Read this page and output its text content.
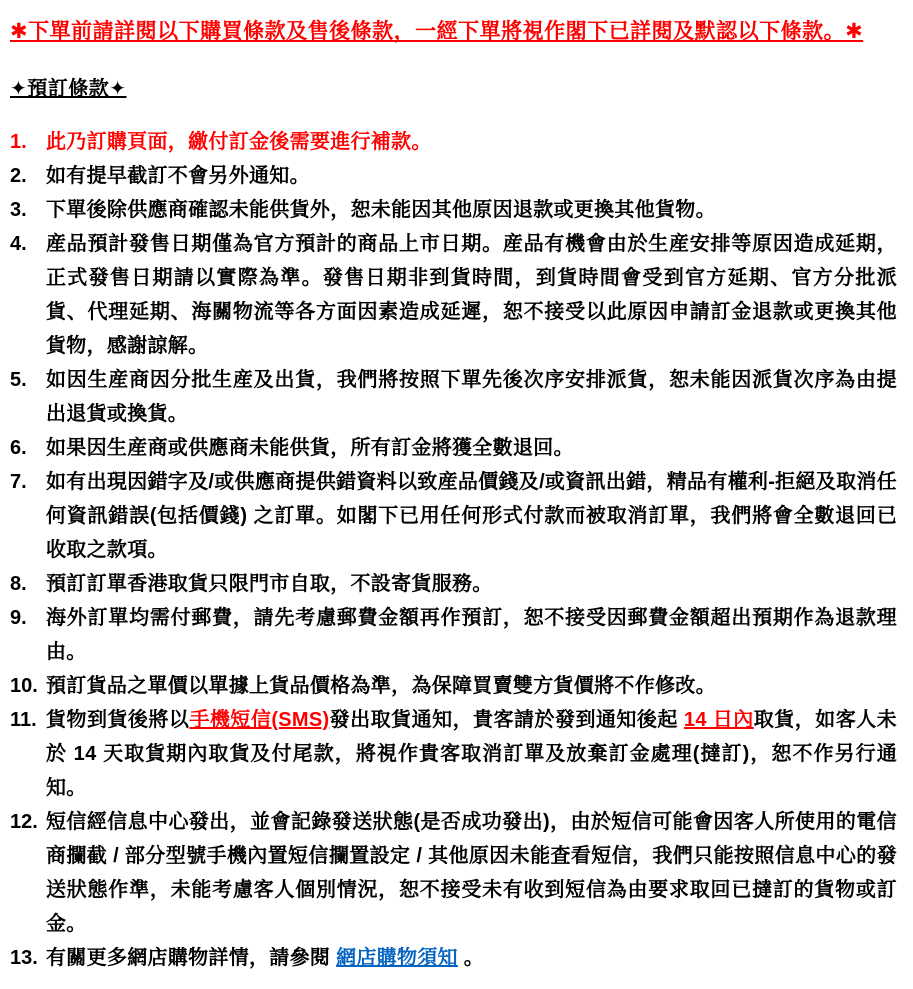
✱下單前請詳閱以下購買條款及售後條款，一經下單將視作閣下已詳閱及默認以下條款。✱

✦預訂條款✦

1. 此乃訂購頁面，繳付訂金後需要進行補款。
2. 如有提早截訂不會另外通知。
3. 下單後除供應商確認未能供貨外，恕未能因其他原因退款或更換其他貨物。
4. 産品預計發售日期僅為官方預計的商品上市日期。産品有機會由於生産安排等原因造成延期，正式發售日期請以實際為準。發售日期非到貨時間，到貨時間會受到官方延期、官方分批派貨、代理延期、海關物流等各方面因素造成延遲，恕不接受以此原因申請訂金退款或更換其他貨物，感謝諒解。
5. 如因生産商因分批生産及出貨，我們將按照下單先後次序安排派貨，恕未能因派貨次序為由提出退貨或換貨。
6. 如果因生産商或供應商未能供貨，所有訂金將獲全數退回。
7. 如有出現因錯字及/或供應商提供錯資料以致産品價錢及/或資訊出錯，精品有權利-拒絕及取消任何資訊錯誤(包括價錢) 之訂單。如閣下已用任何形式付款而被取消訂單，我們將會全數退回已收取之款項。
8. 預訂訂單香港取貨只限門市自取，不設寄貨服務。
9. 海外訂單均需付郵費，請先考慮郵費金額再作預訂，恕不接受因郵費金額超出預期作為退款理由。
10. 預訂貨品之單價以單據上貨品價格為準，為保障買賣雙方貨價將不作修改。
11. 貨物到貨後將以手機短信(SMS)發出取貨通知，貴客請於發到通知後起 14 日內取貨，如客人未於 14 天取貨期內取貨及付尾款，將視作貴客取消訂單及放棄訂金處理(撻訂)，恕不作另行通知。
12. 短信經信息中心發出，並會記錄發送狀態(是否成功發出)，由於短信可能會因客人所使用的電信商攔截 / 部分型號手機內置短信攔置設定 / 其他原因未能査看短信，我們只能按照信息中心的發送狀態作準，未能考慮客人個別情況，恕不接受未有收到短信為由要求取回已撻訂的貨物或訂金。
13. 有關更多網店購物詳情，請參閱 網店購物須知 。
